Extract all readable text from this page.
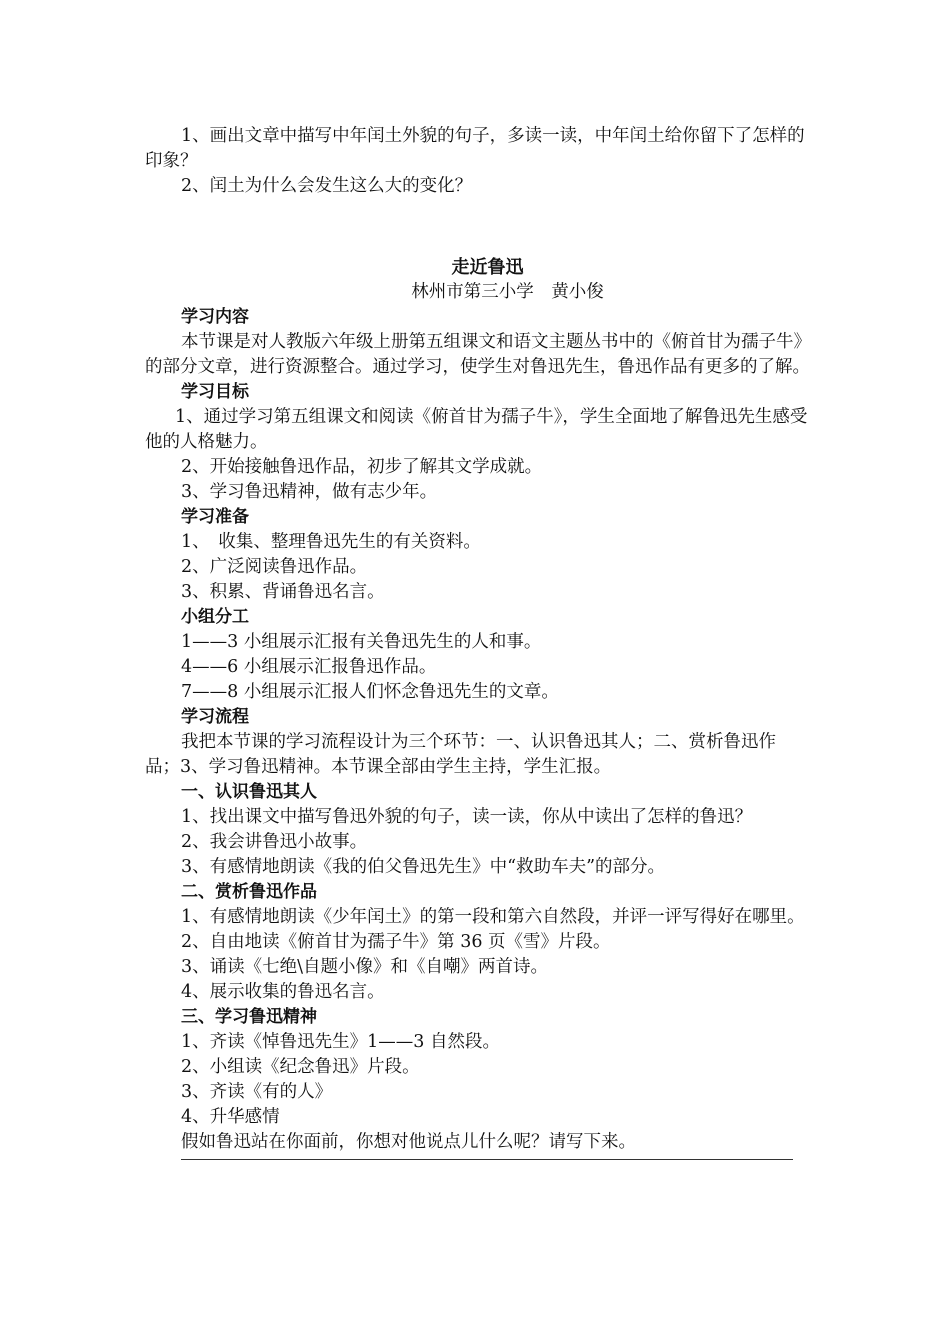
1、画出文章中描写中年闰土外貌的句子，多读一读，中年闰土给你留下了怎样的印象？

2、闰土为什么会发生这么大的变化？

走近鲁迅

林州市第三小学　黄小俊

学习内容

本节课是对人教版六年级上册第五组课文和语文主题丛书中的《俯首甘为孺子牛》的部分文章，进行资源整合。通过学习，使学生对鲁迅先生，鲁迅作品有更多的了解。

学习目标

1、通过学习第五组课文和阅读《俯首甘为孺子牛》，学生全面地了解鲁迅先生感受他的人格魅力。

2、开始接触鲁迅作品，初步了解其文学成就。

3、学习鲁迅精神，做有志少年。

学习准备

1、　收集、整理鲁迅先生的有关资料。

2、广泛阅读鲁迅作品。

3、积累、背诵鲁迅名言。

小组分工

1——3 小组展示汇报有关鲁迅先生的人和事。

4——6 小组展示汇报鲁迅作品。

7——8 小组展示汇报人们怀念鲁迅先生的文章。

学习流程

我把本节课的学习流程设计为三个环节：一、认识鲁迅其人；二、赏析鲁迅作品；3、学习鲁迅精神。本节课全部由学生主持，学生汇报。

一、认识鲁迅其人

1、找出课文中描写鲁迅外貌的句子，读一读，你从中读出了怎样的鲁迅？

2、我会讲鲁迅小故事。

3、有感情地朗读《我的伯父鲁迅先生》中“救助车夫”的部分。

二、赏析鲁迅作品

1、有感情地朗读《少年闰土》的第一段和第六自然段，并评一评写得好在哪里。

2、自由地读《俯首甘为孺子牛》第 36 页《雪》片段。

3、诵读《七绝\自题小像》和《自嘲》两首诗。

4、展示收集的鲁迅名言。

三、学习鲁迅精神

1、齐读《悼鲁迅先生》1——3 自然段。

2、小组读《纪念鲁迅》片段。

3、齐读《有的人》

4、升华感情

假如鲁迅站在你面前，你想对他说点儿什么呢？请写下来。
